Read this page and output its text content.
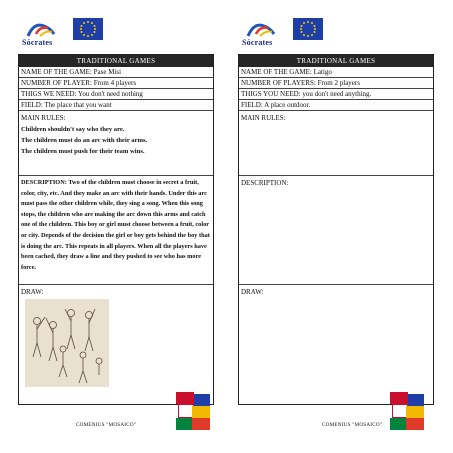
Sócrates
TRADITIONAL GAMES
NAME OF THE GAME: Pase Misi
NUMBER OF PLAYER: From 4 players
THIGS WE NEED: You don't need nothing
FIELD: The place that you want
MAIN RULES:

Children shouldn't say who they are.

The children must do an arc with their arms.

The children must push for their team wins.

DESCRIPTION: Two of the children must choose in secret a fruit, color, city, etc. And they make an arc with their hands. Under this arc must pass the other children while, they sing a song. When this song stops, the children who are making the arc down this arms and catch one of the children. This boy or girl must choose between a fruit, color or city. Depends of the decision the girl or boy gets behind the boy that is doing the arc. This repeats in all players. When all the players have been cached, they draw a line and they pushed to see who has more force.

DRAW:
COMENIUS "MOSAICO"
Sócrates
TRADITIONAL GAMES
NAME OF THE GAME: Latigo
NUMBER OF PLAYERS: From 2 players
THIGS YOU NEED: you don't need anything.
FIELD: A place outdoor.
MAIN RULES:
DESCRIPTION:
DRAW:
COMENIUS "MOSAICO"
